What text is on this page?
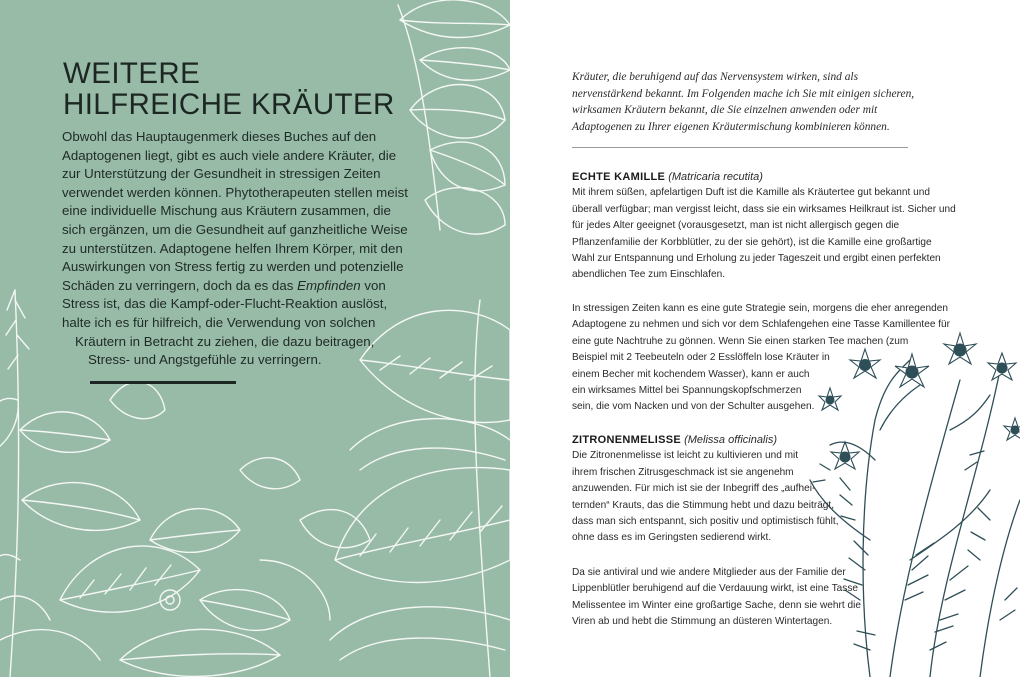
WEITERE
HILFREICHE KRÄUTER
Obwohl das Hauptaugenmerk dieses Buches auf den
Adaptogenen liegt, gibt es auch viele andere Kräuter, die
zur Unterstützung der Gesundheit in stressigen Zeiten
verwendet werden können. Phytotherapeuten stellen meist
eine individuelle Mischung aus Kräutern zusammen, die
sich ergänzen, um die Gesundheit auf ganzheitliche Weise
zu unterstützen. Adaptogene helfen Ihrem Körper, mit den
Auswirkungen von Stress fertig zu werden und potenzielle
Schäden zu verringern, doch da es das Empfinden von
Stress ist, das die Kampf-oder-Flucht-Reaktion auslöst,
halte ich es für hilfreich, die Verwendung von solchen
Kräutern in Betracht zu ziehen, die dazu beitragen,
Stress- und Angstgefühle zu verringern.
Kräuter, die beruhigend auf das Nervensystem wirken, sind als
nervenstärkend bekannt. Im Folgenden mache ich Sie mit einigen sicheren,
wirksamen Kräutern bekannt, die Sie einzelnen anwenden oder mit
Adaptogenen zu Ihrer eigenen Kräutermischung kombinieren können.
ECHTE KAMILLE (Matricaria recutita)
Mit ihrem süßen, apfelartigen Duft ist die Kamille als Kräutertee gut bekannt und
überall verfügbar; man vergisst leicht, dass sie ein wirksames Heilkraut ist. Sicher und
für jedes Alter geeignet (vorausgesetzt, man ist nicht allergisch gegen die
Pflanzenfamilie der Korbblütler, zu der sie gehört), ist die Kamille eine großartige
Wahl zur Entspannung und Erholung zu jeder Tageszeit und ergibt einen perfekten
abendlichen Tee zum Einschlafen.
In stressigen Zeiten kann es eine gute Strategie sein, morgens die eher anregenden
Adaptogene zu nehmen und sich vor dem Schlafengehen eine Tasse Kamillentee für
eine gute Nachtruhe zu gönnen. Wenn Sie einen starken Tee machen (zum
Beispiel mit 2 Teebeuteln oder 2 Esslöffeln lose Kräuter in
einem Becher mit kochendem Wasser), kann er auch
ein wirksames Mittel bei Spannungskopfschmerzen
sein, die vom Nacken und von der Schulter ausgehen.
ZITRONENMELISSE (Melissa officinalis)
Die Zitronenmelisse ist leicht zu kultivieren und mit
ihrem frischen Zitrusgeschmack ist sie angenehm
anzuwenden. Für mich ist sie der Inbegriff des „aufhei-
ternden“ Krauts, das die Stimmung hebt und dazu beiträgt,
dass man sich entspannt, sich positiv und optimistisch fühlt,
ohne dass es im Geringsten sedierend wirkt.
Da sie antiviral und wie andere Mitglieder aus der Familie der
Lippenblütler beruhigend auf die Verdauung wirkt, ist eine Tasse
Melissentee im Winter eine großartige Sache, denn sie wehrt die
Viren ab und hebt die Stimmung an düsteren Wintertagen.
